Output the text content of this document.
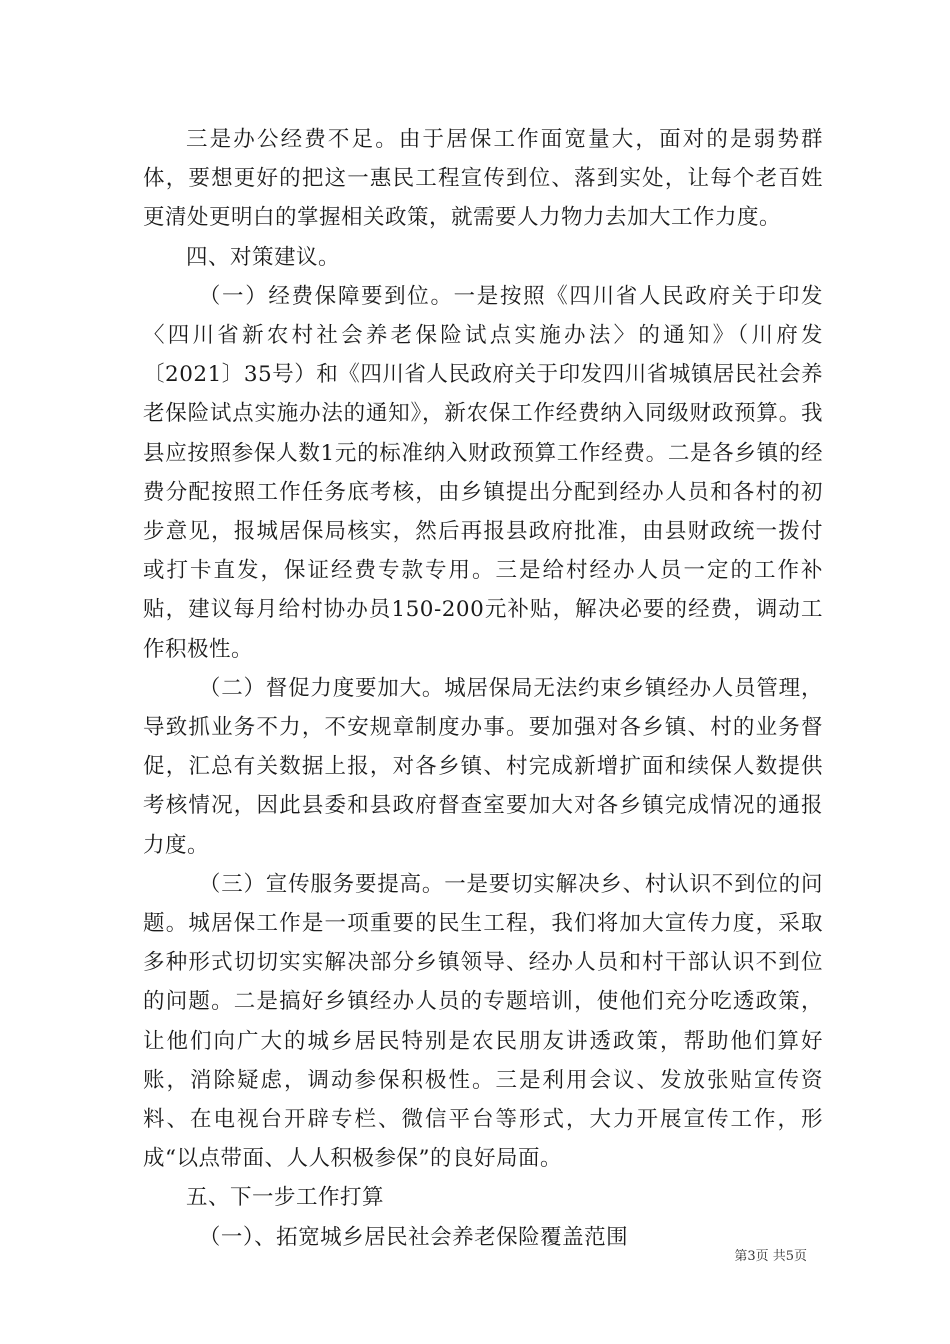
三是办公经费不足。由于居保工作面宽量大，面对的是弱势群体，要想更好的把这一惠民工程宣传到位、落到实处，让每个老百姓更清处更明白的掌握相关政策，就需要人力物力去加大工作力度。

四、对策建议。

（一）经费保障要到位。一是按照《四川省人民政府关于印发〈四川省新农村社会养老保险试点实施办法〉的通知》（川府发〔2021〕35号）和《四川省人民政府关于印发四川省城镇居民社会养老保险试点实施办法的通知》，新农保工作经费纳入同级财政预算。我县应按照参保人数1元的标准纳入财政预算工作经费。二是各乡镇的经费分配按照工作任务底考核，由乡镇提出分配到经办人员和各村的初步意见，报城居保局核实，然后再报县政府批准，由县财政统一拨付或打卡直发，保证经费专款专用。三是给村经办人员一定的工作补贴，建议每月给村协办员150-200元补贴，解决必要的经费，调动工作积极性。

（二）督促力度要加大。城居保局无法约束乡镇经办人员管理，导致抓业务不力，不安规章制度办事。要加强对各乡镇、村的业务督促，汇总有关数据上报，对各乡镇、村完成新增扩面和续保人数提供考核情况，因此县委和县政府督查室要加大对各乡镇完成情况的通报力度。

（三）宣传服务要提高。一是要切实解决乡、村认识不到位的问题。城居保工作是一项重要的民生工程，我们将加大宣传力度，采取多种形式切切实实解决部分乡镇领导、经办人员和村干部认识不到位的问题。二是搞好乡镇经办人员的专题培训，使他们充分吃透政策，让他们向广大的城乡居民特别是农民朋友讲透政策，帮助他们算好账，消除疑虑，调动参保积极性。三是利用会议、发放张贴宣传资料、在电视台开辟专栏、微信平台等形式，大力开展宣传工作，形成“以点带面、人人积极参保”的良好局面。

五、下一步工作打算

（一）、拓宽城乡居民社会养老保险覆盖范围

第3页 共5页
